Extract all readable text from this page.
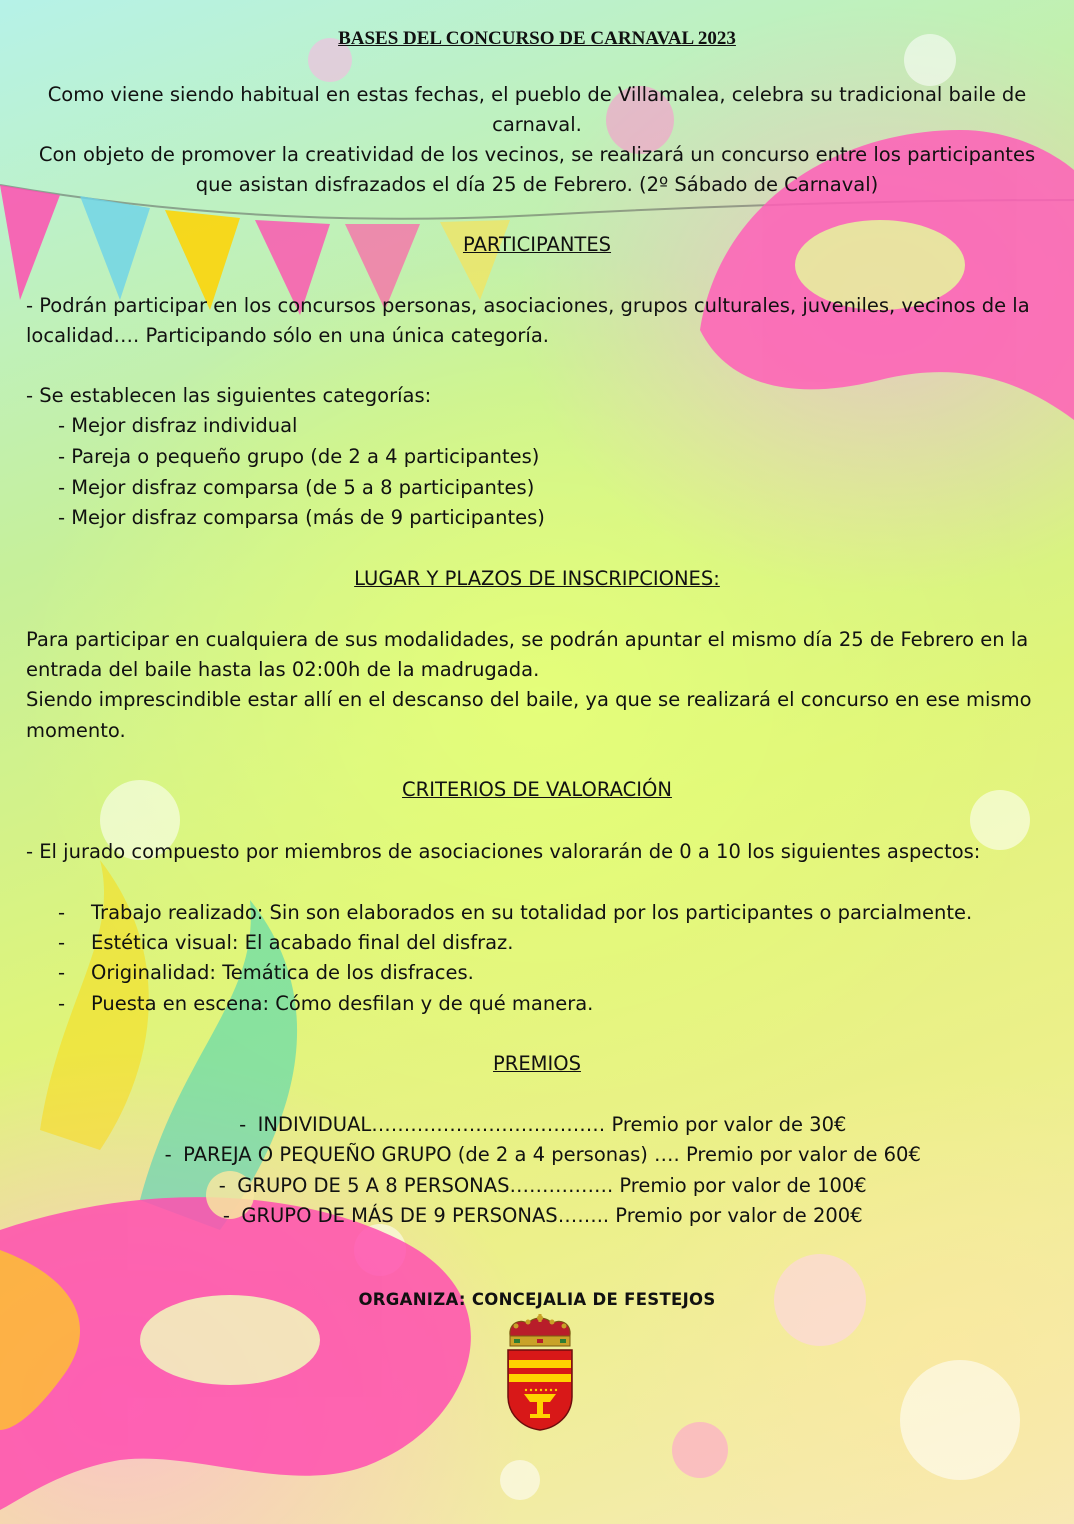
BASES DEL CONCURSO DE CARNAVAL 2023
Como viene siendo habitual en estas fechas, el pueblo de Villamalea, celebra su tradicional baile de
carnaval.
Con objeto de promover la creatividad de los vecinos, se realizará un concurso entre los participantes
que asistan disfrazados el día 25 de Febrero. (2º Sábado de Carnaval)
PARTICIPANTES
- Podrán participar en los concursos personas, asociaciones, grupos culturales, juveniles, vecinos de la
localidad…. Participando sólo en una única categoría.
- Se establecen las siguientes categorías:
- Mejor disfraz individual
- Pareja o pequeño grupo (de 2 a 4 participantes)
- Mejor disfraz comparsa (de 5 a 8 participantes)
- Mejor disfraz comparsa (más de 9 participantes)
LUGAR Y PLAZOS DE INSCRIPCIONES:
Para participar en cualquiera de sus modalidades, se podrán apuntar el mismo día 25 de Febrero en la
entrada del baile hasta las 02:00h de la madrugada.
Siendo imprescindible estar allí en el descanso del baile, ya que se realizará el concurso en ese mismo
momento.
CRITERIOS DE VALORACIÓN
- El jurado compuesto por miembros de asociaciones valorarán de 0 a 10 los siguientes aspectos:
- Trabajo realizado: Sin son elaborados en su totalidad por los participantes o parcialmente.
- Estética visual: El acabado final del disfraz.
- Originalidad: Temática de los disfraces.
- Puesta en escena: Cómo desfilan y de qué manera.
PREMIOS
- INDIVIDUAL……………………………… Premio por valor de 30€
- PAREJA O PEQUEÑO GRUPO (de 2 a 4 personas) …. Premio por valor de 60€
- GRUPO DE 5 A 8 PERSONAS……………. Premio por valor de 100€
- GRUPO DE MÁS DE 9 PERSONAS…….. Premio por valor de 200€
ORGANIZA: CONCEJALIA DE FESTEJOS
